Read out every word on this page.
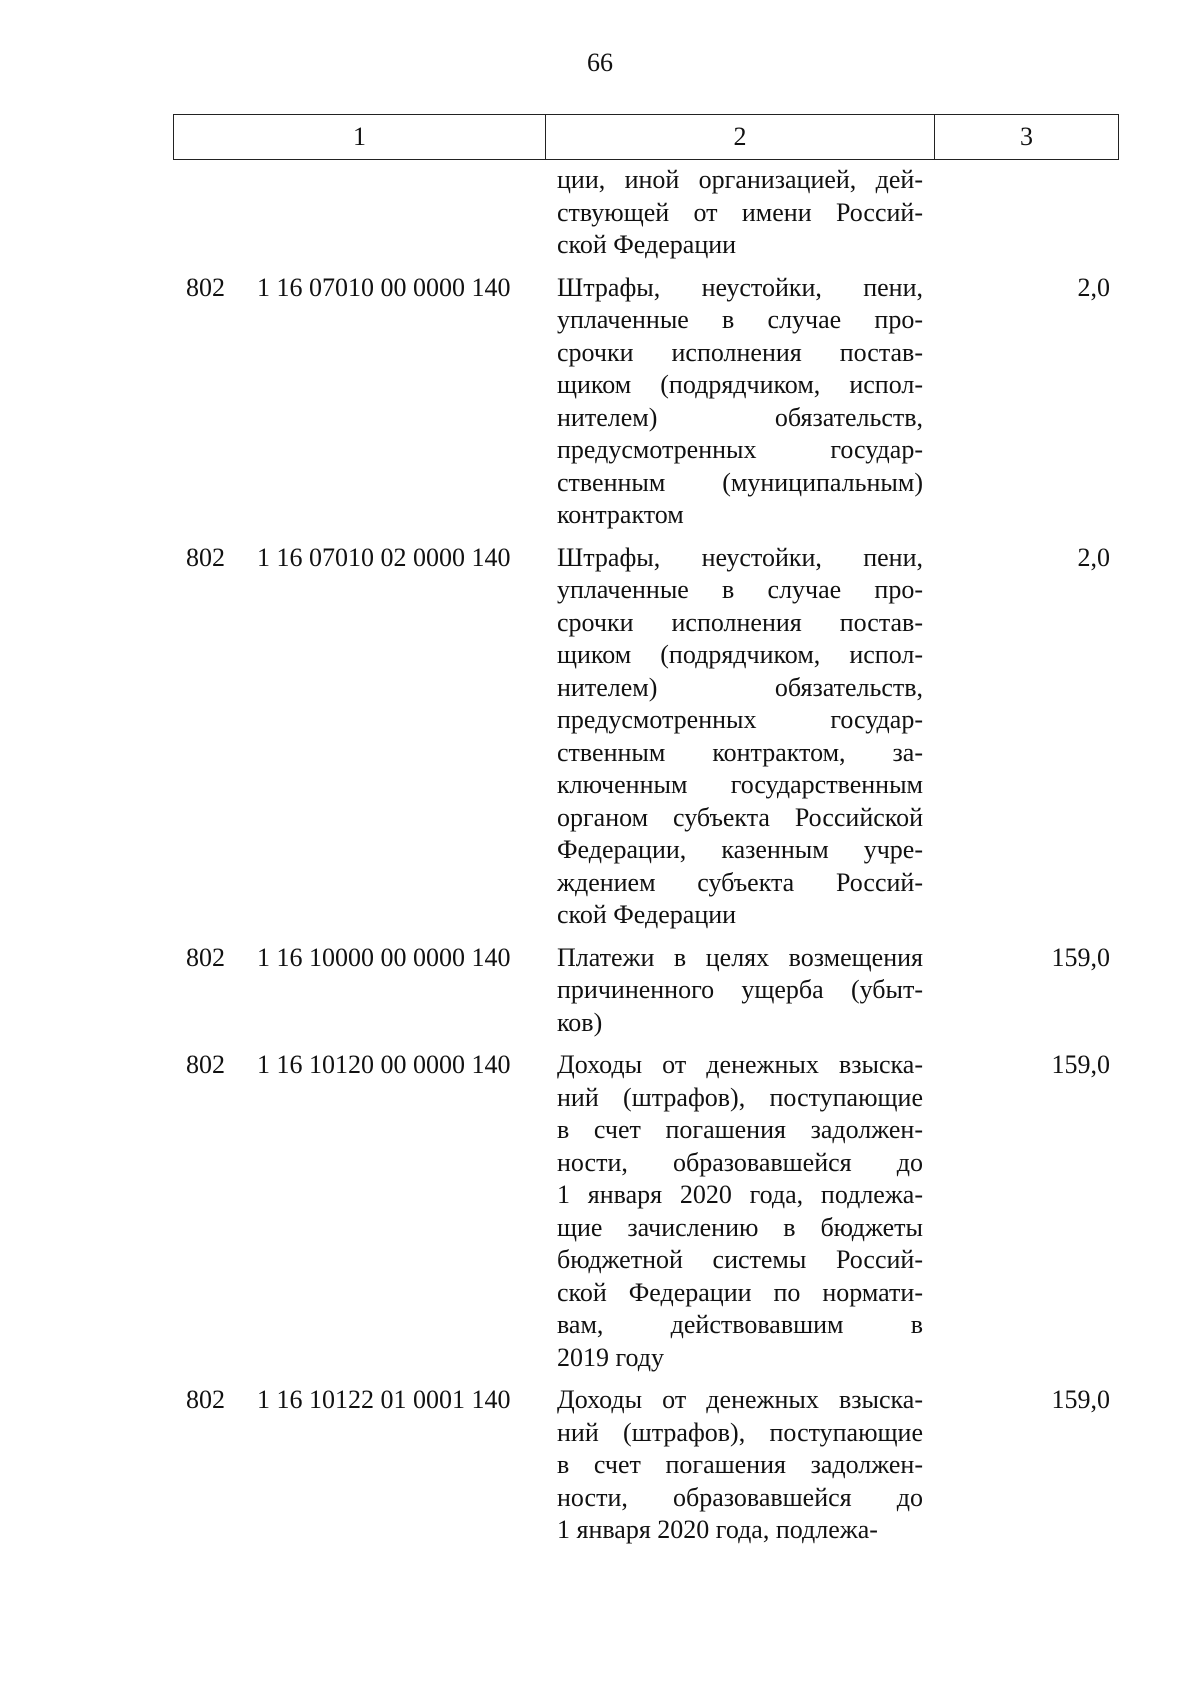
66
1	2	3
ции, иной организацией, дей-
ствующей от имени Россий-
ской Федерации
802	1 16 07010 00 0000 140	Штрафы, неустойки, пени,
уплаченные в случае про-
срочки исполнения постав-
щиком (подрядчиком, испол-
нителем) обязательств,
предусмотренных государ-
ственным (муниципальным)
контрактом
2,0
802	1 16 07010 02 0000 140	Штрафы, неустойки, пени,
уплаченные в случае про-
срочки исполнения постав-
щиком (подрядчиком, испол-
нителем) обязательств,
предусмотренных государ-
ственным контрактом, за-
ключенным государственным
органом субъекта Российской
Федерации, казенным учре-
ждением субъекта Россий-
ской Федерации
2,0
802	1 16 10000 00 0000 140	Платежи в целях возмещения
причиненного ущерба (убыт-
ков)
159,0
802	1 16 10120 00 0000 140	Доходы от денежных взыска-
ний (штрафов), поступающие
в счет погашения задолжен-
ности, образовавшейся до
1 января 2020 года, подлежа-
щие зачислению в бюджеты
бюджетной системы Россий-
ской Федерации по нормати-
вам, действовавшим в
2019 году
159,0
802	1 16 10122 01 0001 140	Доходы от денежных взыска-
ний (штрафов), поступающие
в счет погашения задолжен-
ности, образовавшейся до
1 января 2020 года, подлежа-
159,0
